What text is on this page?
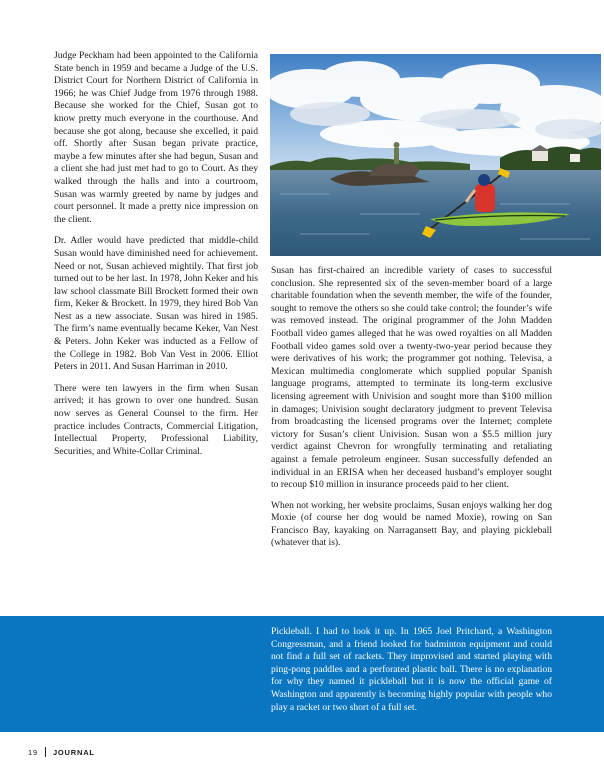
Judge Peckham had been appointed to the California State bench in 1959 and became a Judge of the U.S. District Court for Northern District of California in 1966; he was Chief Judge from 1976 through 1988. Because she worked for the Chief, Susan got to know pretty much everyone in the courthouse. And because she got along, because she excelled, it paid off. Shortly after Susan began private practice, maybe a few minutes after she had begun, Susan and a client she had just met had to go to Court. As they walked through the halls and into a courtroom, Susan was warmly greeted by name by judges and court personnel. It made a pretty nice impression on the client.

Dr. Adler would have predicted that middle-child Susan would have diminished need for achievement. Need or not, Susan achieved mightily. That first job turned out to be her last. In 1978, John Keker and his law school classmate Bill Brockett formed their own firm, Keker & Brockett. In 1979, they hired Bob Van Nest as a new associate. Susan was hired in 1985. The firm’s name eventually became Keker, Van Nest & Peters. John Keker was inducted as a Fellow of the College in 1982. Bob Van Vest in 2006. Elliot Peters in 2011. And Susan Harriman in 2010.

There were ten lawyers in the firm when Susan arrived; it has grown to over one hundred. Susan now serves as General Counsel to the firm. Her practice includes Contracts, Commercial Litigation, Intellectual Property, Professional Liability, Securities, and White-Collar Criminal.

Susan has first-chaired an incredible variety of cases to successful conclusion. She represented six of the seven-member board of a large charitable foundation when the seventh member, the wife of the founder, sought to remove the others so she could take control; the founder’s wife was removed instead. The original programmer of the John Madden Football video games alleged that he was owed royalties on all Madden Football video games sold over a twenty-two-year period because they were derivatives of his work; the programmer got nothing. Televisa, a Mexican multimedia conglomerate which supplied popular Spanish language programs, attempted to terminate its long-term exclusive licensing agreement with Univision and sought more than $100 million in damages; Univision sought declaratory judgment to prevent Televisa from broadcasting the licensed programs over the Internet; complete victory for Susan’s client Univision. Susan won a $5.5 million jury verdict against Chevron for wrongfully terminating and retaliating against a female petroleum engineer. Susan successfully defended an individual in an ERISA when her deceased husband’s employer sought to recoup $10 million in insurance proceeds paid to her client.

When not working, her website proclaims, Susan enjoys walking her dog Moxie (of course her dog would be named Moxie), rowing on San Francisco Bay, kayaking on Narragansett Bay, and playing pickleball (whatever that is).

Pickleball. I had to look it up. In 1965 Joel Pritchard, a Washington Congressman, and a friend looked for badminton equipment and could not find a full set of rackets. They improvised and started playing with ping-pong paddles and a perforated plastic ball. There is no explanation for why they named it pickleball but it is now the official game of Washington and apparently is becoming highly popular with people who play a racket or two short of a full set.

19 JOURNAL
